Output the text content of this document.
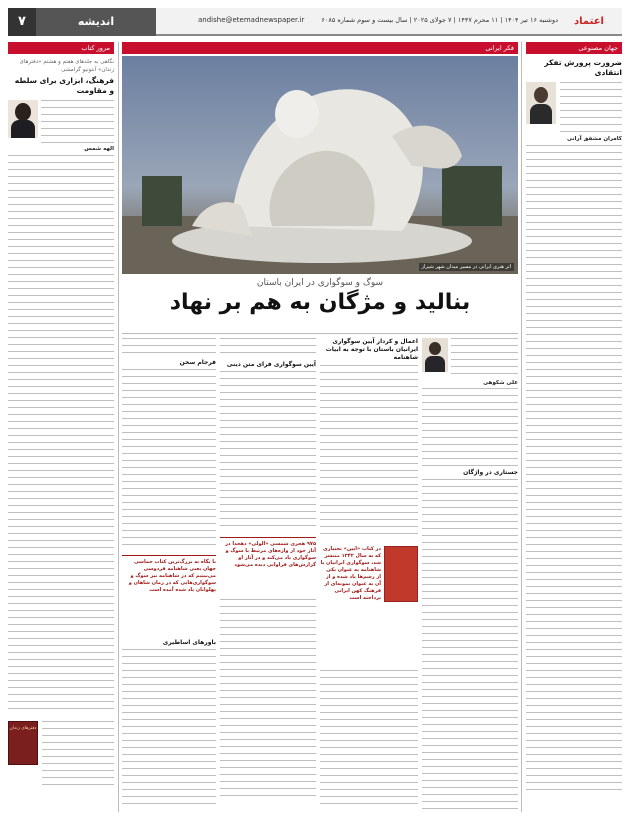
اعتماد
دوشنبه ۱۶ تیر ۱۴۰۴ | ۱۱ محرم ۱۴۴۷ | ۷ جولای ۲۰۲۵ | سال بیست و سوم شماره ۶۰۸۵
andishe@etemadnewspaper.ir
اندیشه
۷
جهان مصنوعی
ضرورت پرورش تفکر انتقادی
کامران مشفق آرانی
فکر ایرانی
اثر هنری ایرانی در مسیر میدان شهر شیراز
سوگ و سوگواری در ایران باستان
بنالید و مژگان به هم بر نهاد
علی شکوهی
جستاری در واژگان
اعمال و کردار آیین سوگواری ایرانیان باستان با توجه به ابیات شاهنامه
در کتاب «آیین» بختیاری که به سال ۱۳۴۲ منتشر شد، سوگواری ایرانیان با شاهنامه به عنوان یکی از رسم‌ها یاد شده و از آن به عنوان نمونه‌ای از فرهنگ کهن ایرانی پرداخته است
آیین سوگواری فرای متن دینی
۹۷۵ هجری شمسی «الولی» دهخدا در آثار خود از واژه‌های مرتبط با سوگ و سوگواری یاد می‌کند و در آثار او گزارش‌های فراوانی دیده می‌شود
فرجام سخن
با نگاه به بزرگ‌ترین کتاب حماسی جهان یعنی شاهنامه فردوسی می‌بینیم که در شاهنامه نیز سوگ و سوگواری‌هایی که در زمان شاهان و پهلوانان یاد شده آمده است
باورهای اساطیری
مرور کتاب
نگاهی به جلدهای هفتم و هشتم «دفترهای زندان» آنتونیو گرامشی
فرهنگ، ابزاری برای سلطه و مقاومت
الهه شمس
دفترهای زندان
